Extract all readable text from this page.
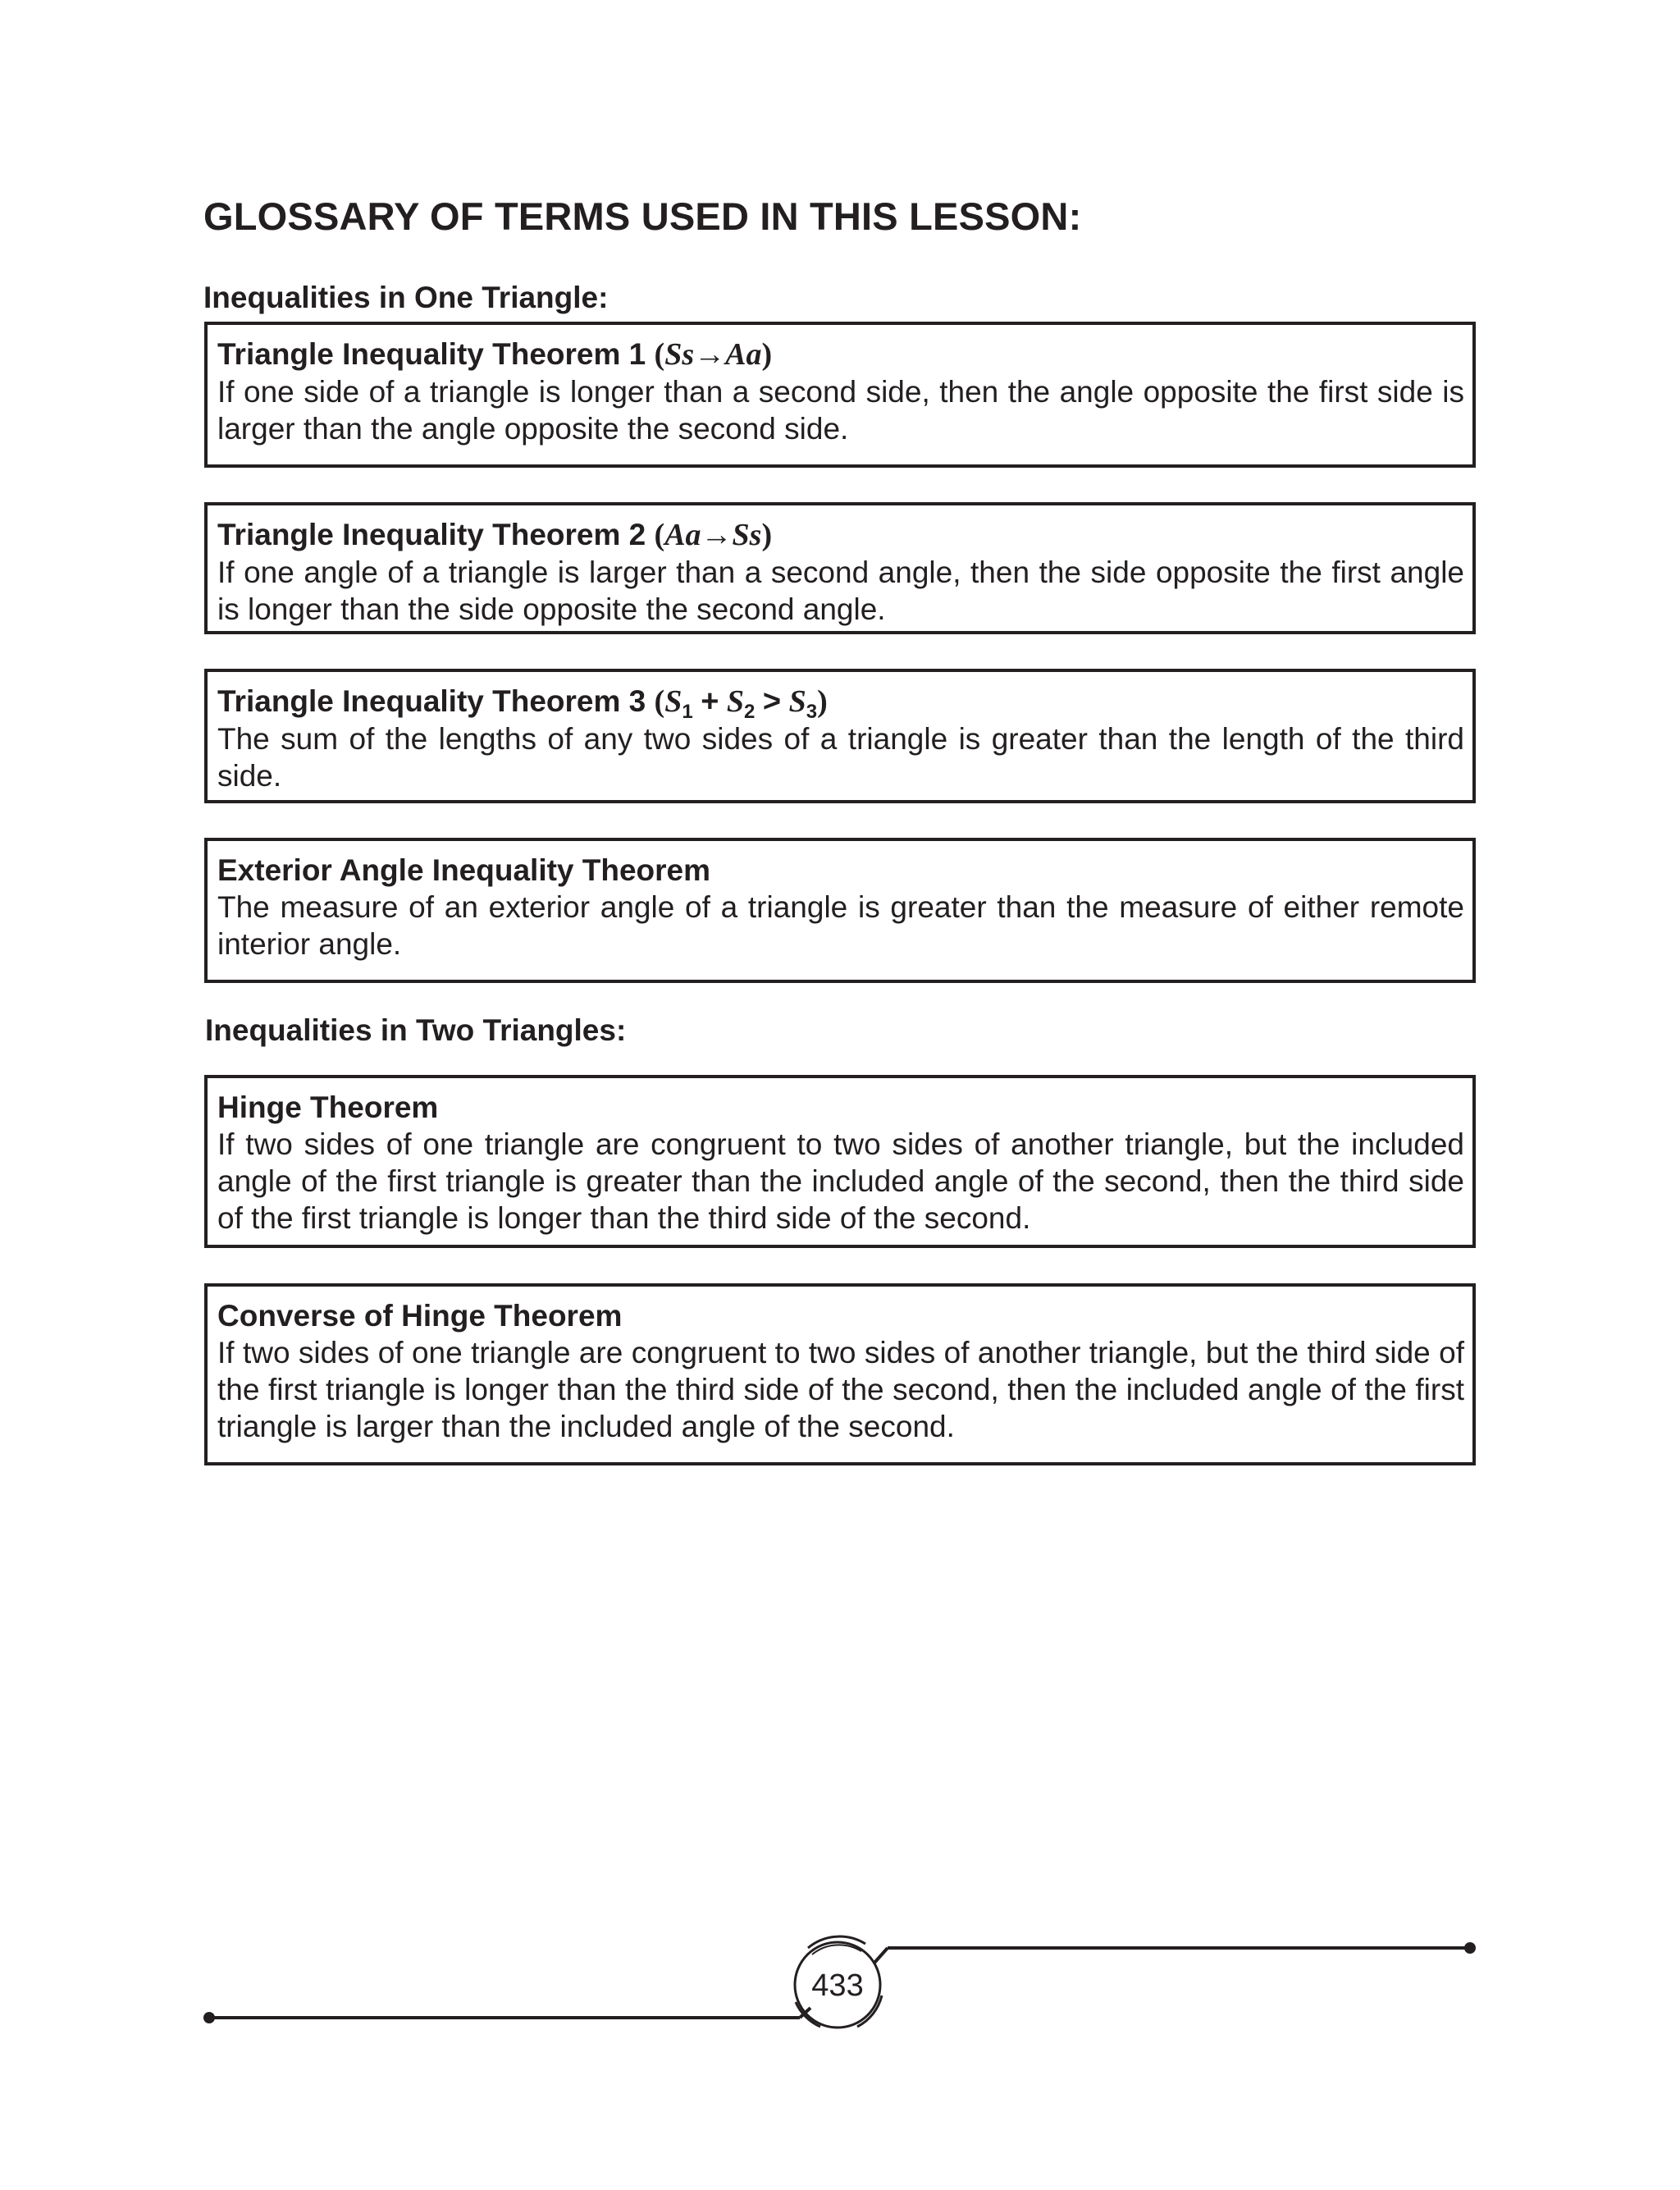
GLOSSARY OF TERMS USED IN THIS LESSON:
Inequalities in One Triangle:
Triangle Inequality Theorem 1 (Ss→Aa)
If one side of a triangle is longer than a second side, then the angle opposite the first side is larger than the angle opposite the second side.
Triangle Inequality Theorem 2 (Aa→Ss)
If one angle of a triangle is larger than a second angle, then the side opposite the first angle is longer than the side opposite the second angle.
Triangle Inequality Theorem 3 $(S_1 + S_2 > S_3)$
The sum of the lengths of any two sides of a triangle is greater than the length of the third side.
Exterior Angle Inequality Theorem
The measure of an exterior angle of a triangle is greater than the measure of either remote interior angle.
Inequalities in Two Triangles:
Hinge Theorem
If two sides of one triangle are congruent to two sides of another triangle, but the included angle of the first triangle is greater than the included angle of the second, then the third side of the first triangle is longer than the third side of the second.
Converse of Hinge Theorem
If two sides of one triangle are congruent to two sides of another triangle, but the third side of the first triangle is longer than the third side of the second, then the included angle of the first triangle is larger than the included angle of the second.
433
